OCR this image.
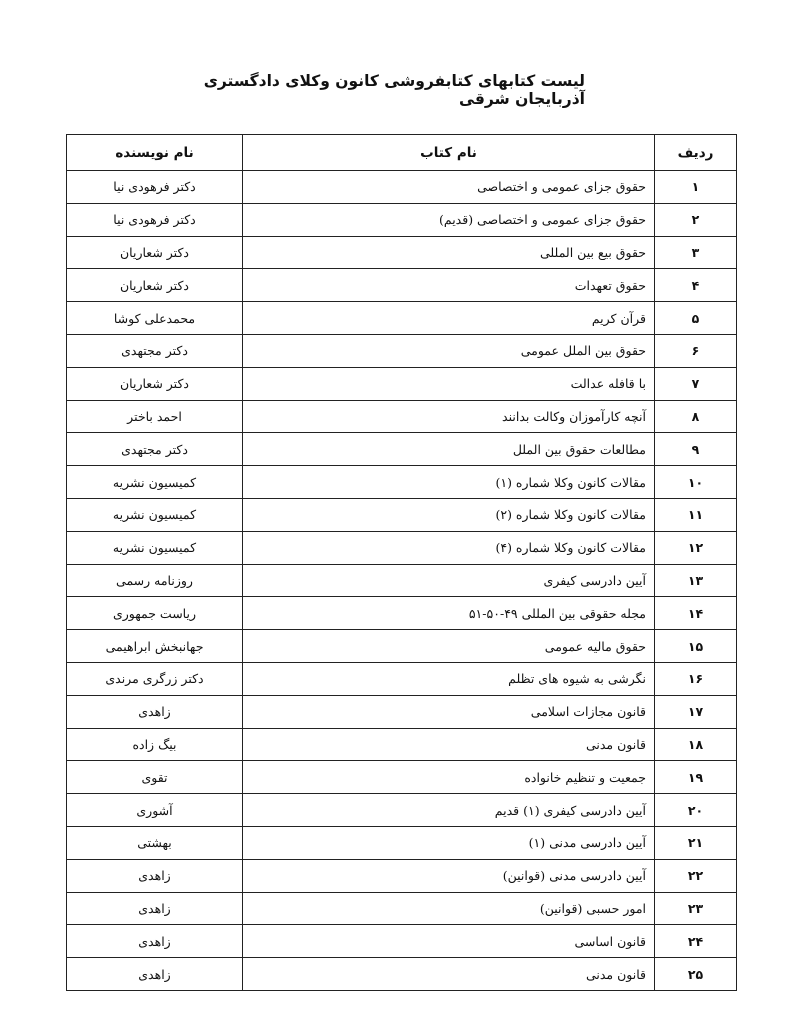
لیست کتابهای کتابفروشی کانون وکلای دادگستری آذربایجان شرقی
ردیف	نام کتاب	نام نویسنده
۱	حقوق جزای عمومی و اختصاصی	دکتر فرهودی نیا
۲	حقوق جزای عمومی و اختصاصی (قدیم)	دکتر فرهودی نیا
۳	حقوق بیع بین المللی	دکتر شعاریان
۴	حقوق تعهدات	دکتر شعاریان
۵	قرآن کریم	محمدعلی کوشا
۶	حقوق بین الملل عمومی	دکتر مجتهدی
۷	با قافله عدالت	دکتر شعاریان
۸	آنچه کارآموزان وکالت بدانند	احمد باختر
۹	مطالعات حقوق بین الملل	دکتر مجتهدی
۱۰	مقالات کانون وکلا شماره (۱)	کمیسیون نشریه
۱۱	مقالات کانون وکلا شماره (۲)	کمیسیون نشریه
۱۲	مقالات کانون وکلا شماره (۴)	کمیسیون نشریه
۱۳	آیین دادرسی کیفری	روزنامه رسمی
۱۴	مجله حقوقی بین المللی ۴۹-۵۰-۵۱	ریاست جمهوری
۱۵	حقوق مالیه عمومی	جهانبخش ابراهیمی
۱۶	نگرشی به شیوه های تظلم	دکتر زرگری مرندی
۱۷	قانون مجازات اسلامی	زاهدی
۱۸	قانون مدنی	بیگ زاده
۱۹	جمعیت و تنظیم خانواده	تقوی
۲۰	آیین دادرسی کیفری (۱) قدیم	آشوری
۲۱	آیین دادرسی مدنی (۱)	بهشتی
۲۲	آیین دادرسی مدنی (قوانین)	زاهدی
۲۳	امور حسبی (قوانین)	زاهدی
۲۴	قانون اساسی	زاهدی
۲۵	قانون مدنی	زاهدی
